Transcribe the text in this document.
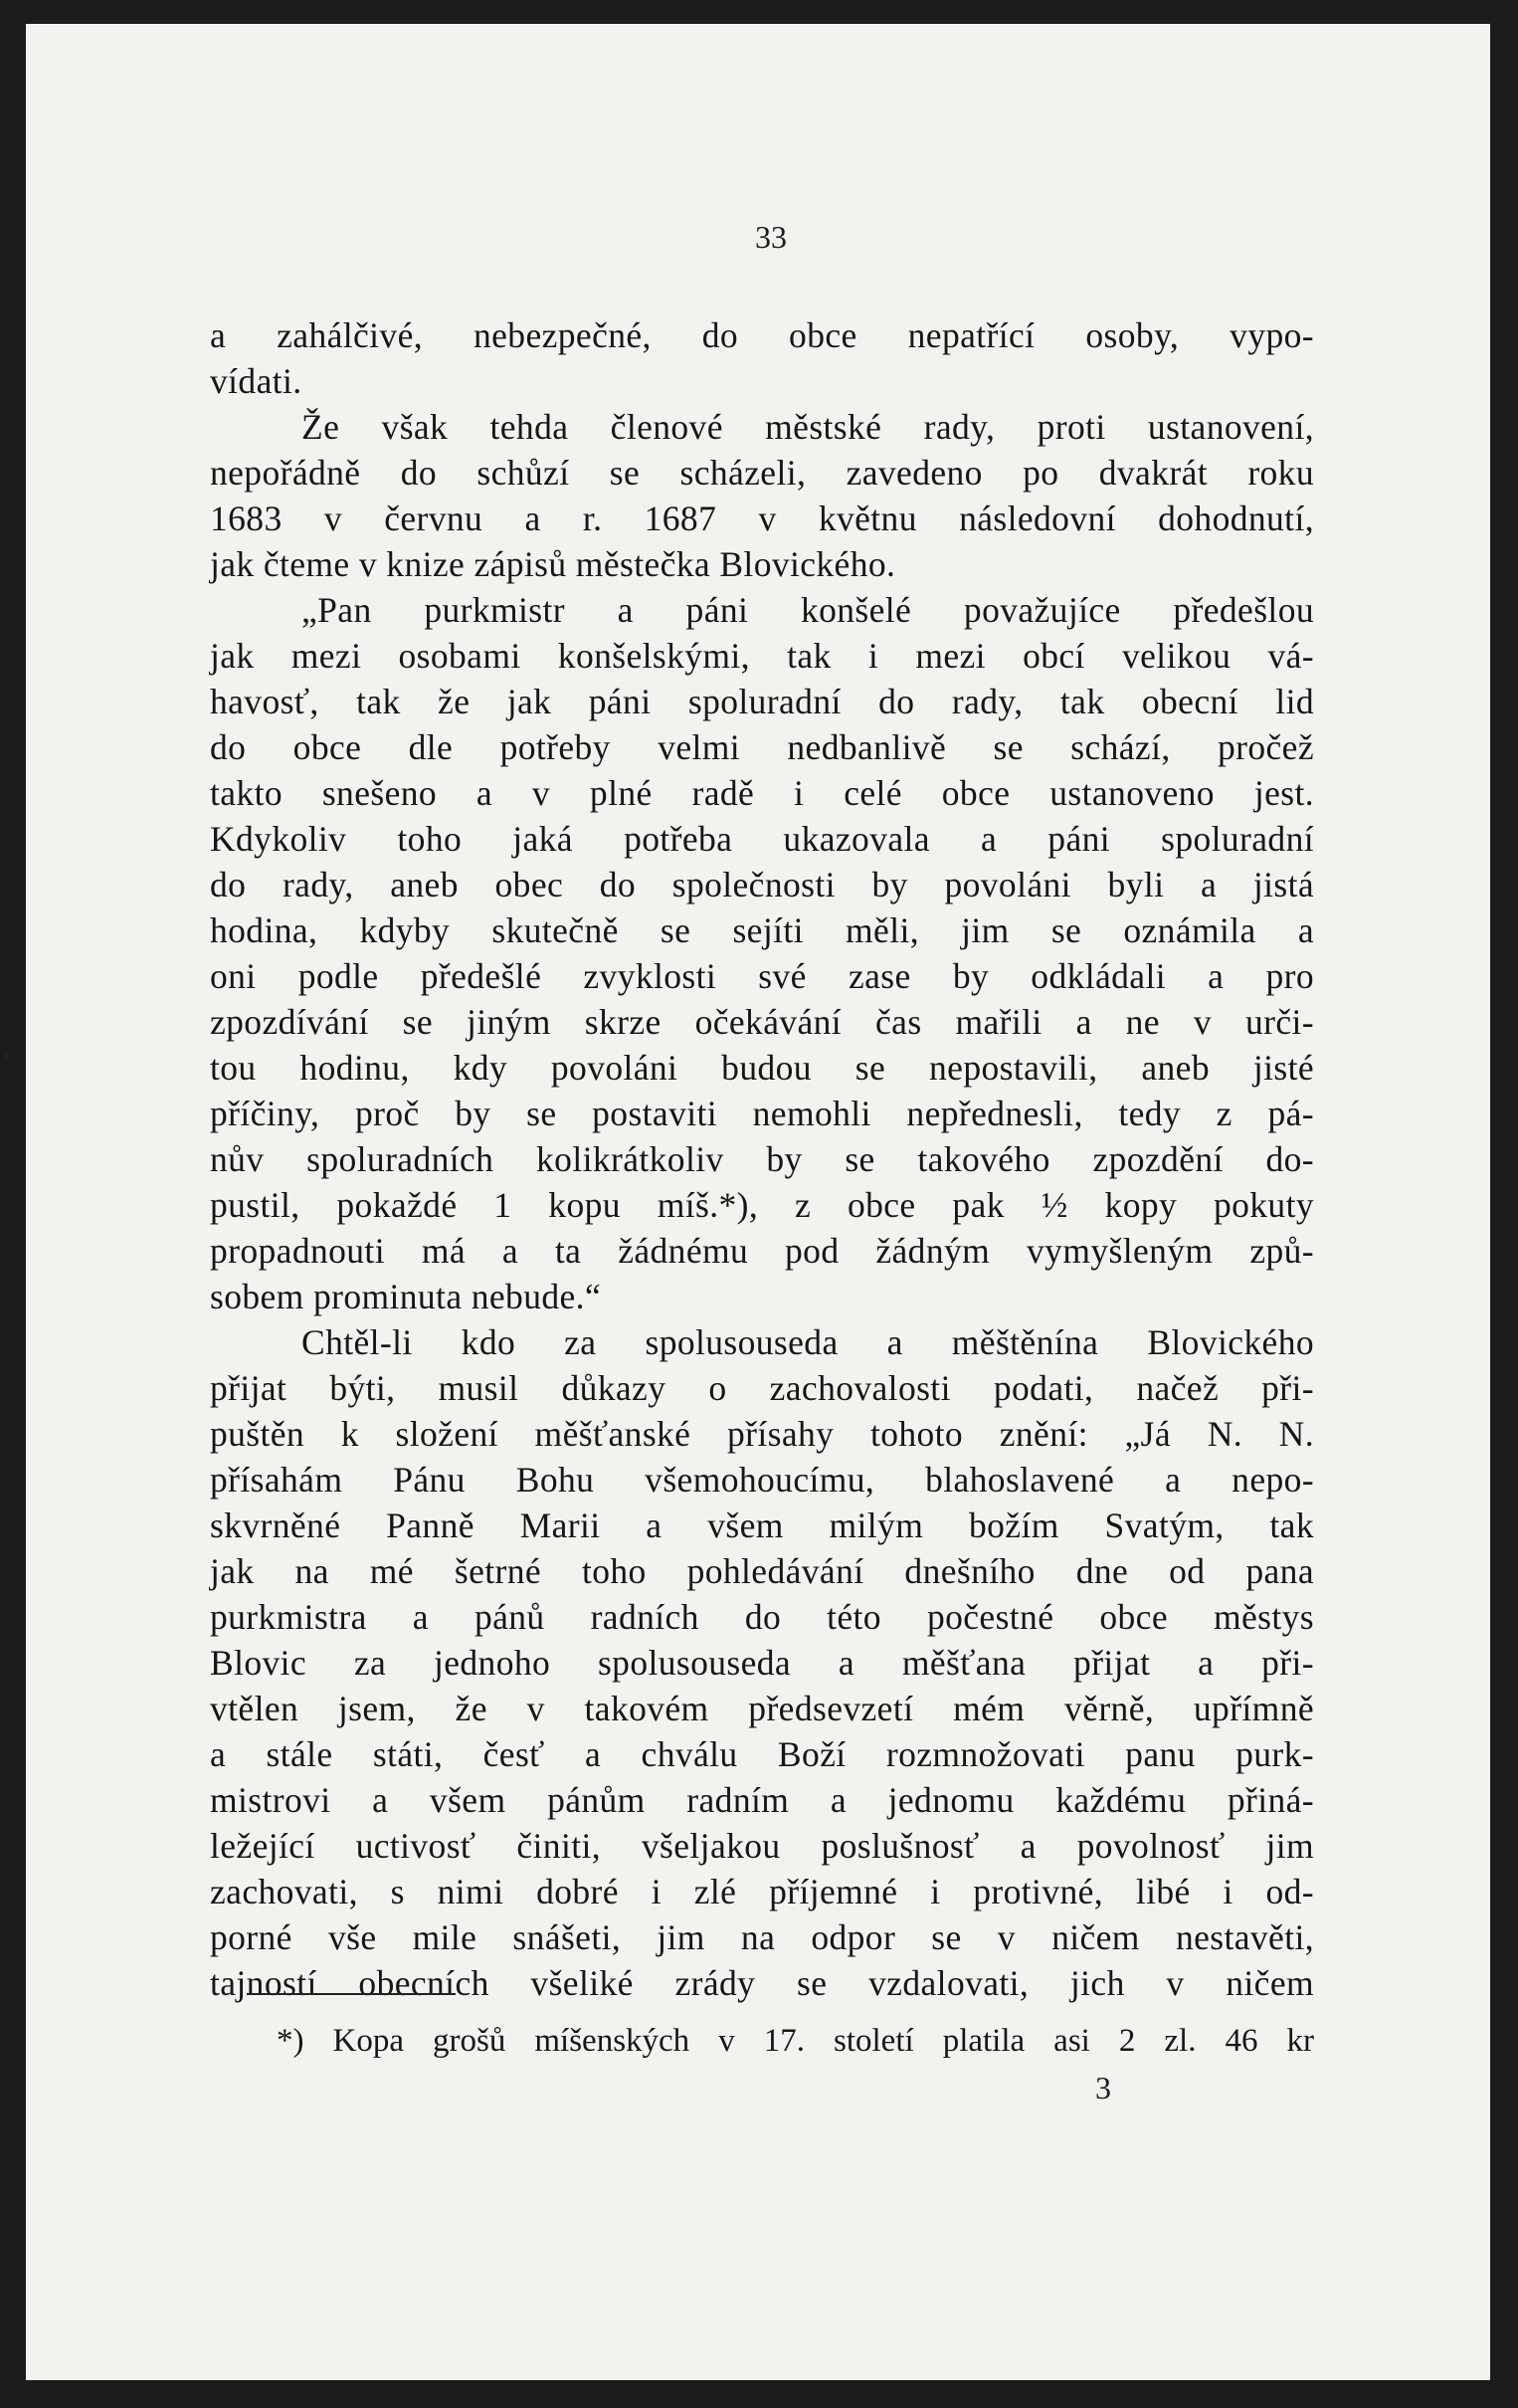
33
a zahálčivé, nebezpečné, do obce nepatřící osoby, vypo-
vídati.
Že však tehda členové městské rady, proti ustanovení,
nepořádně do schůzí se scházeli, zavedeno po dvakrát roku
1683 v červnu a r. 1687 v květnu následovní dohodnutí,
jak čteme v knize zápisů městečka Blovického.
„Pan purkmistr a páni konšelé považujíce předešlou
jak mezi osobami konšelskými, tak i mezi obcí velikou vá-
havosť, tak že jak páni spoluradní do rady, tak obecní lid
do obce dle potřeby velmi nedbanlivě se schází, pročež
takto snešeno a v plné radě i celé obce ustanoveno jest.
Kdykoliv toho jaká potřeba ukazovala a páni spoluradní
do rady, aneb obec do společnosti by povoláni byli a jistá
hodina, kdyby skutečně se sejíti měli, jim se oznámila a
oni podle předešlé zvyklosti své zase by odkládali a pro
zpozdívání se jiným skrze očekávání čas mařili a ne v urči-
tou hodinu, kdy povoláni budou se nepostavili, aneb jisté
příčiny, proč by se postaviti nemohli nepřednesli, tedy z pá-
nův spoluradních kolikrátkoliv by se takového zpozdění do-
pustil, pokaždé 1 kopu míš.*), z obce pak ½ kopy pokuty
propadnouti má a ta žádnému pod žádným vymyšleným způ-
sobem prominuta nebude.“
Chtěl-li kdo za spolusouseda a měštěnína Blovického
přijat býti, musil důkazy o zachovalosti podati, načež při-
puštěn k složení měšťanské přísahy tohoto znění: „Já N. N.
přísahám Pánu Bohu všemohoucímu, blahoslavené a nepo-
skvrněné Panně Marii a všem milým božím Svatým, tak
jak na mé šetrné toho pohledávání dnešního dne od pana
purkmistra a pánů radních do této počestné obce městys
Blovic za jednoho spolusouseda a měšťana přijat a při-
vtělen jsem, že v takovém předsevzetí mém věrně, upřímně
a stále státi, česť a chválu Boží rozmnožovati panu purk-
mistrovi a všem pánům radním a jednomu každému přiná-
ležející uctivosť činiti, všeljakou poslušnosť a povolnosť jim
zachovati, s nimi dobré i zlé příjemné i protivné, libé i od-
porné vše mile snášeti, jim na odpor se v ničem nestavěti,
tajností obecních všeliké zrády se vzdalovati, jich v ničem
*) Kopa grošů míšenských v 17. století platila asi 2 zl. 46 kr
3
